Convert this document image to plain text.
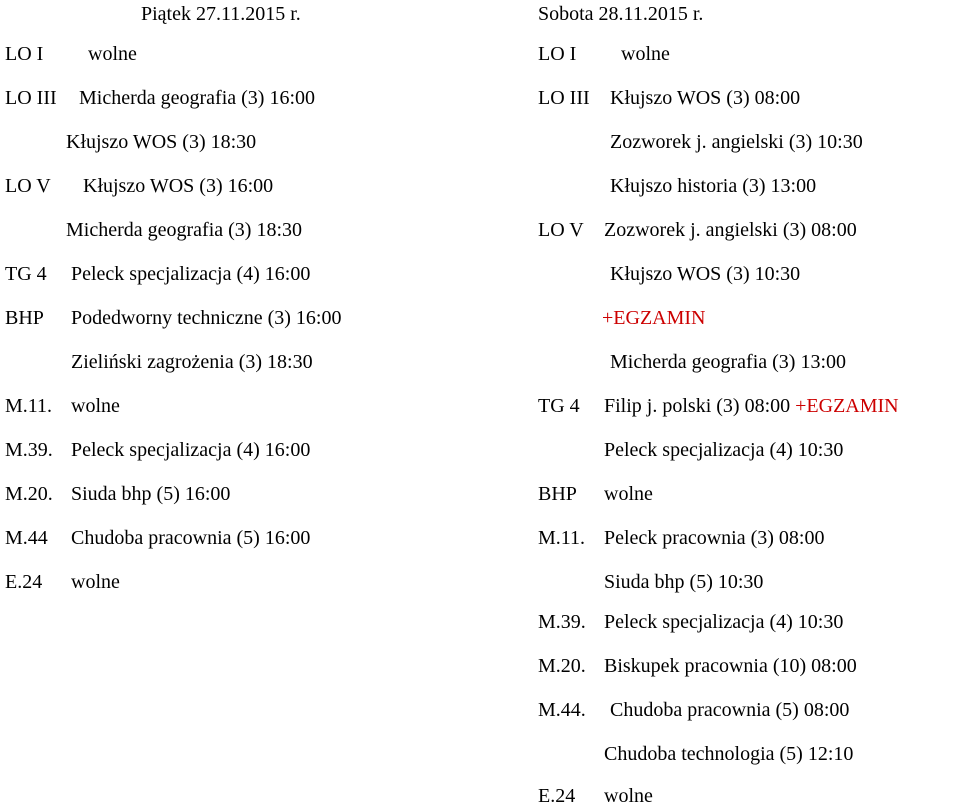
Piątek 27.11.2015 r.
LO I wolne
LO III Micherda geografia (3) 16:00
Kłujszo WOS (3) 18:30
LO V Kłujszo WOS (3) 16:00
Micherda geografia (3) 18:30
TG 4 Peleck specjalizacja (4) 16:00
BHP Podedworny techniczne (3) 16:00
Zieliński zagrożenia (3) 18:30
M.11. wolne
M.39. Peleck specjalizacja (4) 16:00
M.20. Siuda bhp (5) 16:00
M.44 Chudoba pracownia (5) 16:00
E.24 wolne
Sobota 28.11.2015 r.
LO I wolne
LO III Kłujszo WOS (3) 08:00
Zozworek j. angielski (3) 10:30
Kłujszo historia (3) 13:00
LO V Zozworek j. angielski (3) 08:00
Kłujszo WOS (3) 10:30
+EGZAMIN
Micherda geografia (3) 13:00
TG 4 Filip j. polski (3) 08:00 +EGZAMIN
Peleck specjalizacja (4) 10:30
BHP wolne
M.11. Peleck pracownia (3) 08:00
Siuda bhp (5) 10:30
M.39. Peleck specjalizacja (4) 10:30
M.20. Biskupek pracownia (10) 08:00
M.44. Chudoba pracownia (5) 08:00
Chudoba technologia (5) 12:10
E.24 wolne
